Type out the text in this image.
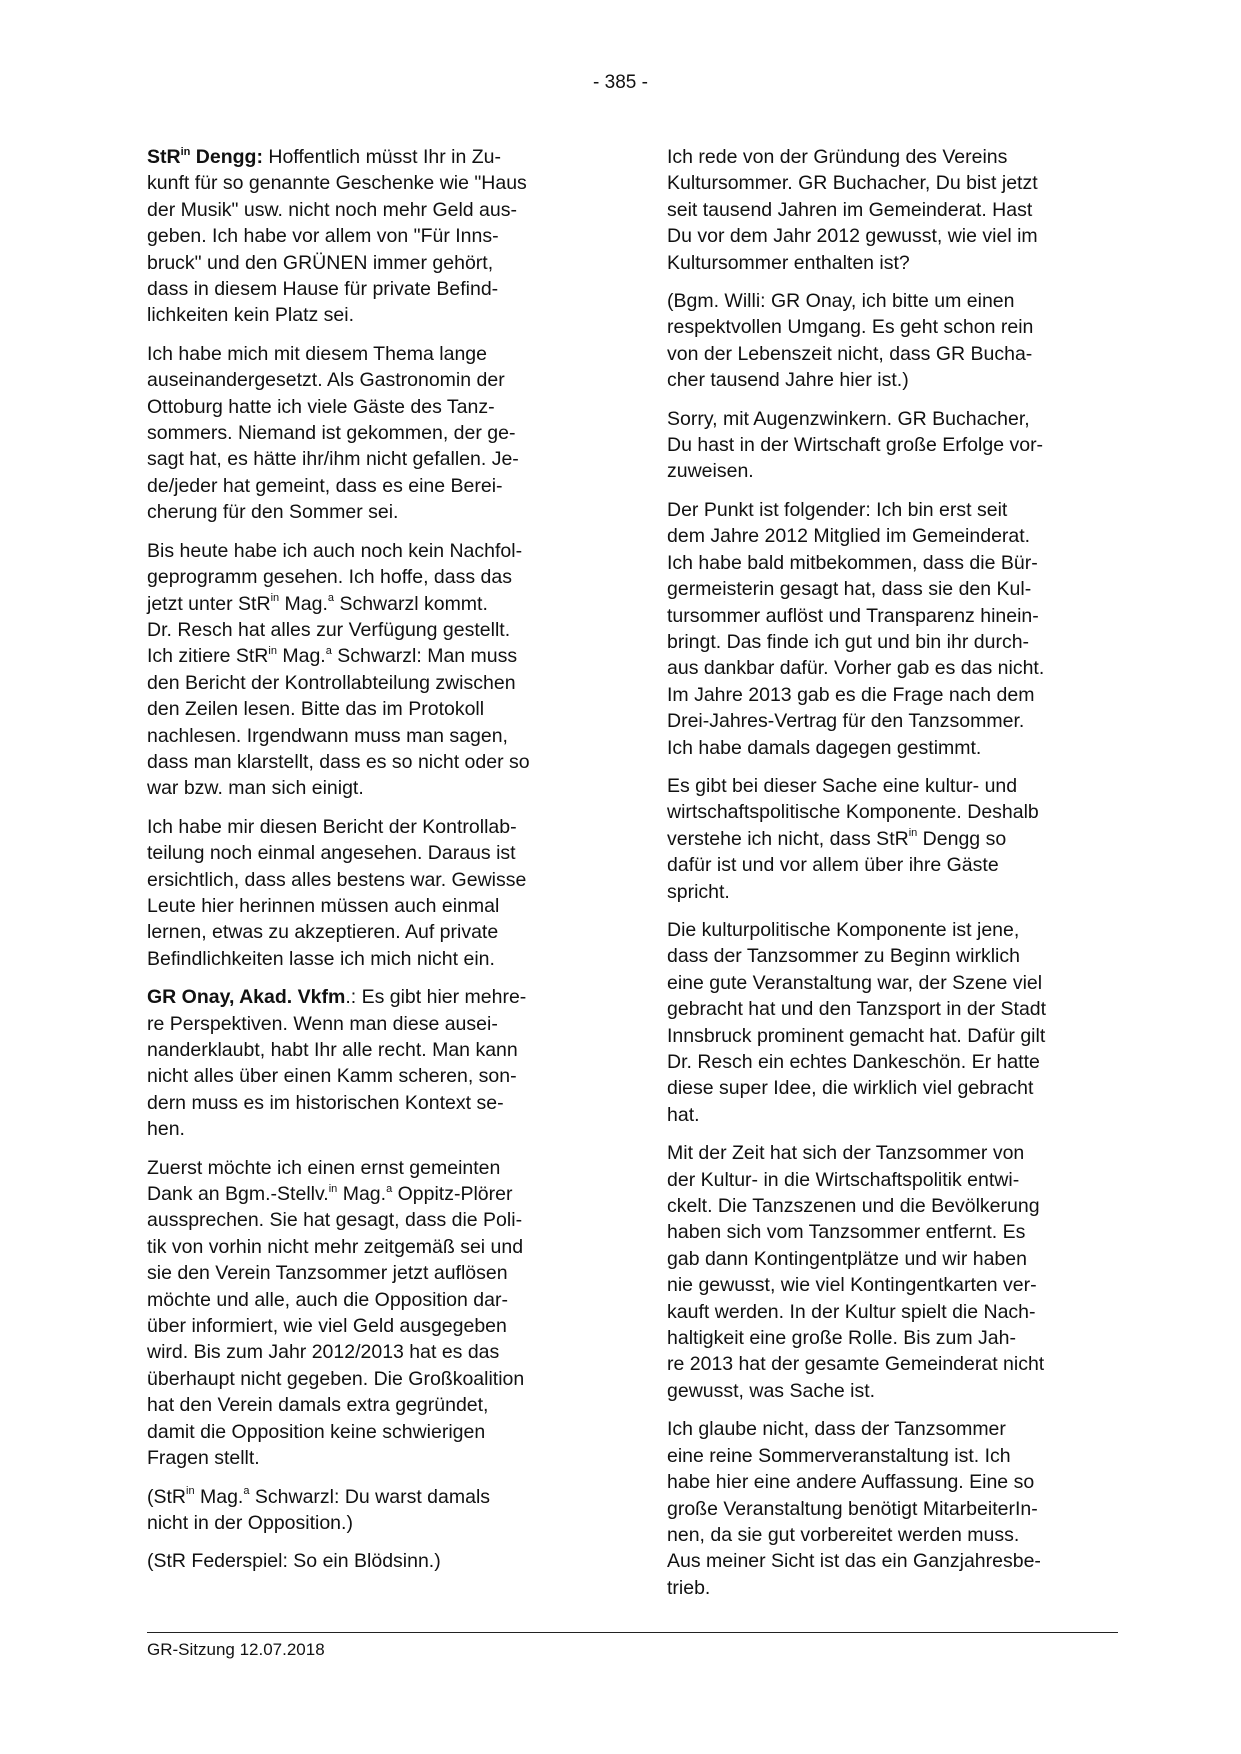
- 385 -

StR$^{in}$ Dengg: Hoffentlich müsst Ihr in Zu-
kunft für so genannte Geschenke wie "Haus
der Musik" usw. nicht noch mehr Geld aus-
geben. Ich habe vor allem von "Für Inns-
bruck" und den GRÜNEN immer gehört,
dass in diesem Hause für private Befind-
lichkeiten kein Platz sei.

Ich habe mich mit diesem Thema lange
auseinandergesetzt. Als Gastronomin der
Ottoburg hatte ich viele Gäste des Tanz-
sommers. Niemand ist gekommen, der ge-
sagt hat, es hätte ihr/ihm nicht gefallen. Je-
de/jeder hat gemeint, dass es eine Berei-
cherung für den Sommer sei.

Bis heute habe ich auch noch kein Nachfol-
geprogramm gesehen. Ich hoffe, dass das
jetzt unter StR$^{in}$ Mag.$^a$ Schwarzl kommt.
Dr. Resch hat alles zur Verfügung gestellt.
Ich zitiere StR$^{in}$ Mag.$^a$ Schwarzl: Man muss
den Bericht der Kontrollabteilung zwischen
den Zeilen lesen. Bitte das im Protokoll
nachlesen. Irgendwann muss man sagen,
dass man klarstellt, dass es so nicht oder so
war bzw. man sich einigt.

Ich habe mir diesen Bericht der Kontrollab-
teilung noch einmal angesehen. Daraus ist
ersichtlich, dass alles bestens war. Gewisse
Leute hier herinnen müssen auch einmal
lernen, etwas zu akzeptieren. Auf private
Befindlichkeiten lasse ich mich nicht ein.

GR Onay, Akad. Vkfm.: Es gibt hier mehre-
re Perspektiven. Wenn man diese ausei-
nanderklaubt, habt Ihr alle recht. Man kann
nicht alles über einen Kamm scheren, son-
dern muss es im historischen Kontext se-
hen.

Zuerst möchte ich einen ernst gemeinten
Dank an Bgm.-Stellv.$^{in}$ Mag.$^a$ Oppitz-Plörer
aussprechen. Sie hat gesagt, dass die Poli-
tik von vorhin nicht mehr zeitgemäß sei und
sie den Verein Tanzsommer jetzt auflösen
möchte und alle, auch die Opposition dar-
über informiert, wie viel Geld ausgegeben
wird. Bis zum Jahr 2012/2013 hat es das
überhaupt nicht gegeben. Die Großkoalition
hat den Verein damals extra gegründet,
damit die Opposition keine schwierigen
Fragen stellt.

(StR$^{in}$ Mag.$^a$ Schwarzl: Du warst damals
nicht in der Opposition.)

(StR Federspiel: So ein Blödsinn.)

Ich rede von der Gründung des Vereins
Kultursommer. GR Buchacher, Du bist jetzt
seit tausend Jahren im Gemeinderat. Hast
Du vor dem Jahr 2012 gewusst, wie viel im
Kultursommer enthalten ist?

(Bgm. Willi: GR Onay, ich bitte um einen
respektvollen Umgang. Es geht schon rein
von der Lebenszeit nicht, dass GR Bucha-
cher tausend Jahre hier ist.)

Sorry, mit Augenzwinkern. GR Buchacher,
Du hast in der Wirtschaft große Erfolge vor-
zuweisen.

Der Punkt ist folgender: Ich bin erst seit
dem Jahre 2012 Mitglied im Gemeinderat.
Ich habe bald mitbekommen, dass die Bür-
germeisterin gesagt hat, dass sie den Kul-
tursommer auflöst und Transparenz hinein-
bringt. Das finde ich gut und bin ihr durch-
aus dankbar dafür. Vorher gab es das nicht.
Im Jahre 2013 gab es die Frage nach dem
Drei-Jahres-Vertrag für den Tanzsommer.
Ich habe damals dagegen gestimmt.

Es gibt bei dieser Sache eine kultur- und
wirtschaftspolitische Komponente. Deshalb
verstehe ich nicht, dass StR$^{in}$ Dengg so
dafür ist und vor allem über ihre Gäste
spricht.

Die kulturpolitische Komponente ist jene,
dass der Tanzsommer zu Beginn wirklich
eine gute Veranstaltung war, der Szene viel
gebracht hat und den Tanzsport in der Stadt
Innsbruck prominent gemacht hat. Dafür gilt
Dr. Resch ein echtes Dankeschön. Er hatte
diese super Idee, die wirklich viel gebracht
hat.

Mit der Zeit hat sich der Tanzsommer von
der Kultur- in die Wirtschaftspolitik entwi-
ckelt. Die Tanzszenen und die Bevölkerung
haben sich vom Tanzsommer entfernt. Es
gab dann Kontingentplätze und wir haben
nie gewusst, wie viel Kontingentkarten ver-
kauft werden. In der Kultur spielt die Nach-
haltigkeit eine große Rolle. Bis zum Jah-
re 2013 hat der gesamte Gemeinderat nicht
gewusst, was Sache ist.

Ich glaube nicht, dass der Tanzsommer
eine reine Sommerveranstaltung ist. Ich
habe hier eine andere Auffassung. Eine so
große Veranstaltung benötigt MitarbeiterIn-
nen, da sie gut vorbereitet werden muss.
Aus meiner Sicht ist das ein Ganzjahresbe-
trieb.

GR-Sitzung 12.07.2018
